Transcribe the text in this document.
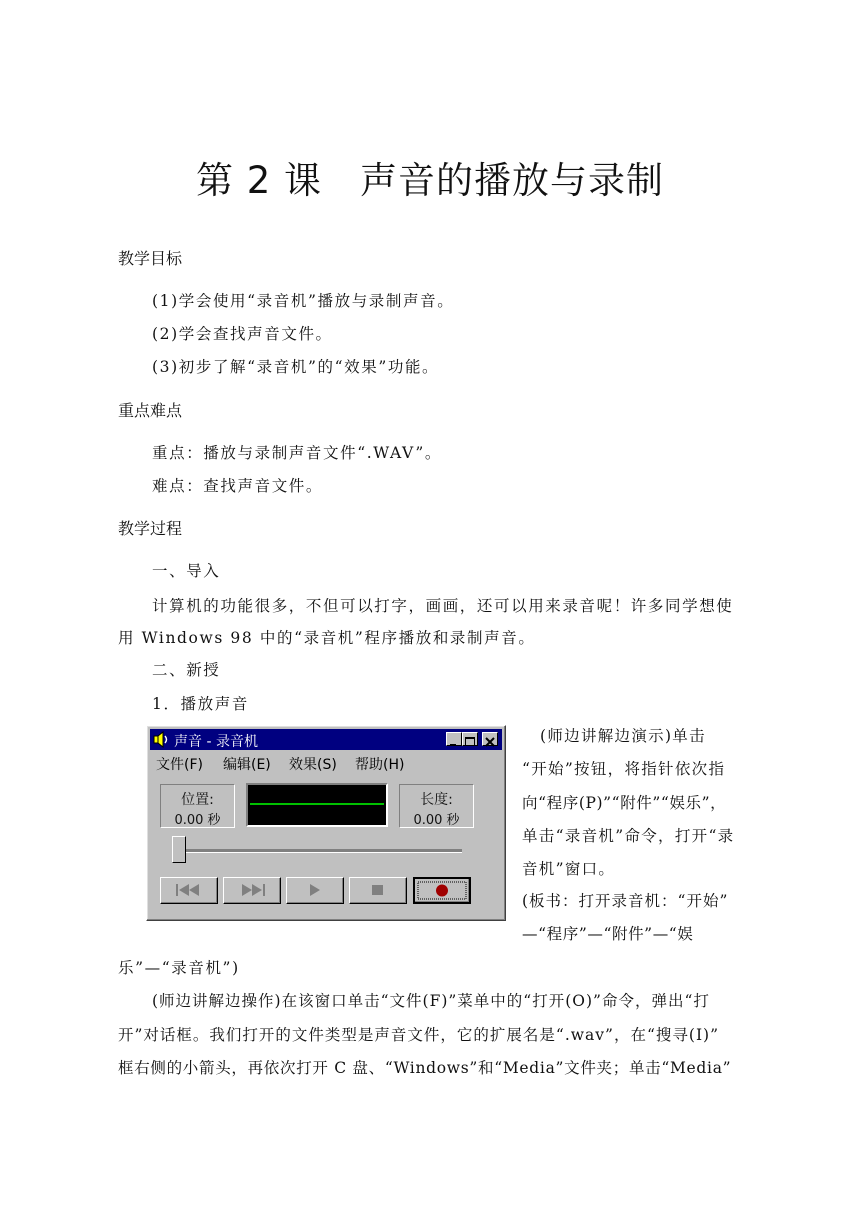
第 2 课　声音的播放与录制
教学目标
(1)学会使用“录音机”播放与录制声音。
(2)学会查找声音文件。
(3)初步了解“录音机”的“效果”功能。
重点难点
重点：播放与录制声音文件“.WAV”。
难点：查找声音文件。
教学过程
一、导入
计算机的功能很多，不但可以打字，画画，还可以用来录音呢！许多同学想使
用 Windows 98 中的“录音机”程序播放和录制声音。
二、新授
1．播放声音
(师边讲解边演示)单击
“开始”按钮，将指针依次指
向“程序(P)”“附件”“娱乐”，
单击“录音机”命令，打开“录
音机”窗口。
(板书：打开录音机：“开始”
—“程序”—“附件”—“娱
乐”—“录音机”)
(师边讲解边操作)在该窗口单击“文件(F)”菜单中的“打开(O)”命令，弹出“打
开”对话框。我们打开的文件类型是声音文件，它的扩展名是“.wav”，在“搜寻(I)”
框右侧的小箭头，再依次打开 C 盘、“Windows”和“Media”文件夹；单击“Media”
声音 - 录音机
文件(F) 编辑(E) 效果(S) 帮助(H)
位置:
0.00 秒
长度:
0.00 秒
